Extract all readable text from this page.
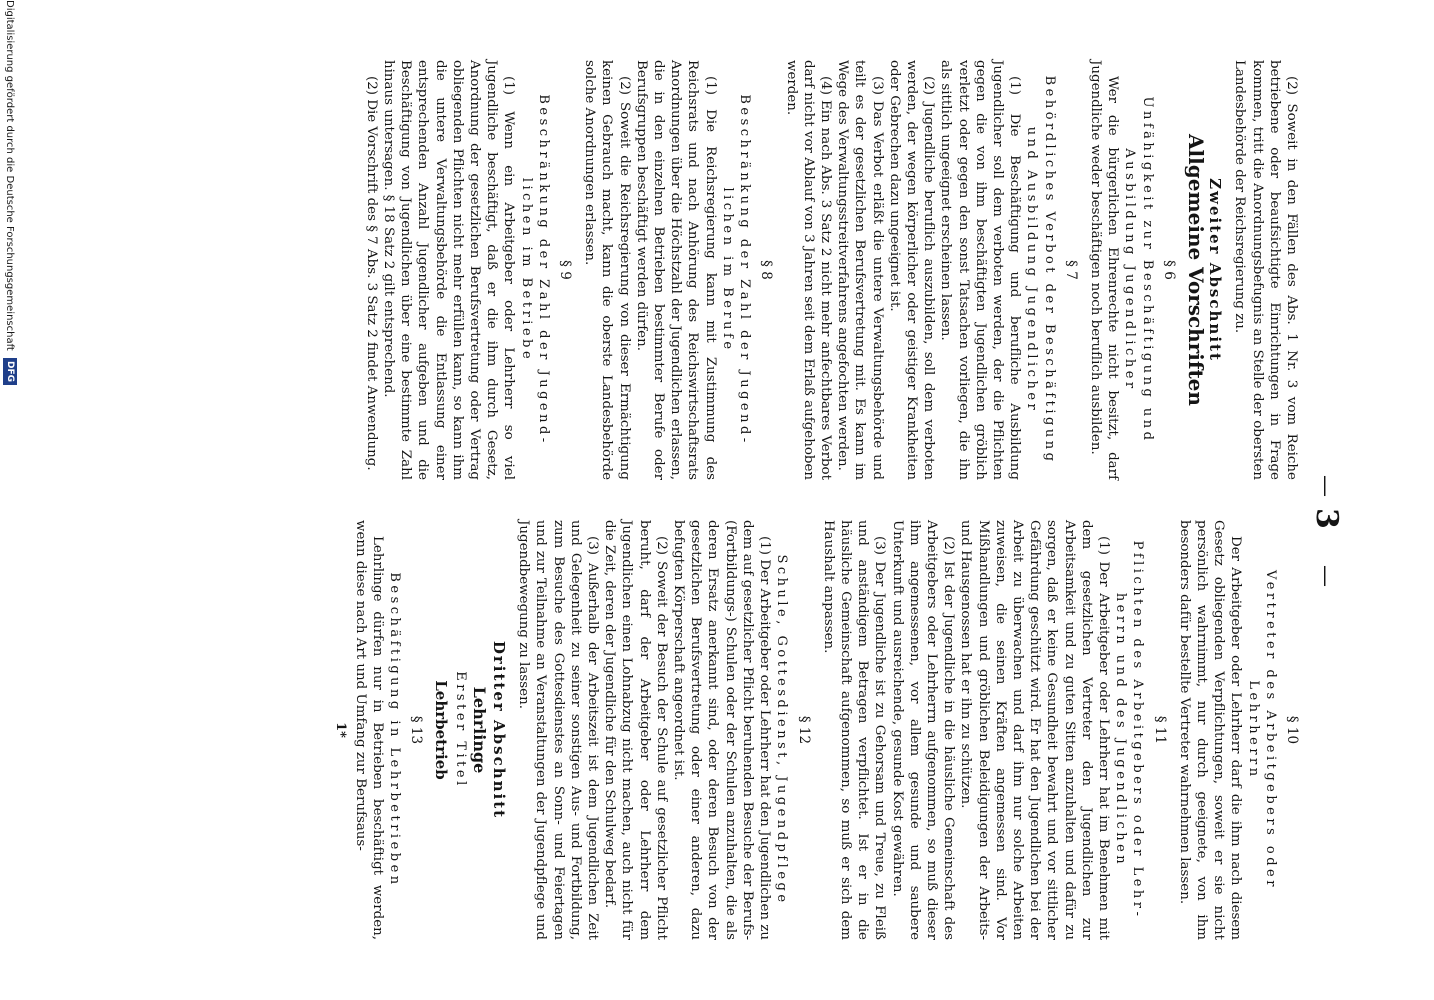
—
3
—

(2) Soweit in den Fällen des Abs. 1 Nr. 3 vom Reiche betriebene oder beaufsichtigte Einrichtungen in Frage kommen, tritt die Anordnungsbefugnis an Stelle der obersten Landesbehörde der Reichsregierung zu.

Zweiter Abschnitt
Allgemeine Vorschriften
§ 6

Unfähigkeit zur Beschäftigung und

Ausbildung Jugendlicher

Wer die bürgerlichen Ehrenrechte nicht besitzt, darf Jugendliche weder beschäftigen noch beruflich ausbilden.

§ 7

Behördliches Verbot der Beschäftigung

und Ausbildung Jugendlicher

(1) Die Beschäftigung und berufliche Ausbildung Jugendlicher soll dem verboten werden, der die Pflichten gegen die von ihm beschäftigten Jugendlichen gröblich verletzt oder gegen den sonst Tatsachen vorliegen, die ihn als sittlich ungeeignet erscheinen lassen.

(2) Jugendliche beruflich auszubilden, soll dem verboten werden, der wegen körperlicher oder geistiger Krankheiten oder Gebrechen dazu ungeeignet ist.

(3) Das Verbot erläßt die untere Verwaltungsbehörde und teilt es der gesetzlichen Berufsvertretung mit. Es kann im Wege des Verwaltungsstreitverfahrens angefochten werden.

(4) Ein nach Abs. 3 Satz 2 nicht mehr anfechtbares Verbot darf nicht vor Ablauf von 3 Jahren seit dem Erlaß aufgehoben werden.

§ 8

Beschränkung der Zahl der Jugend-

lichen im Berufe

(1) Die Reichsregierung kann mit Zustimmung des Reichsrats und nach Anhörung des Reichswirtschaftsrats Anordnungen über die Höchstzahl der Jugendlichen erlassen, die in den einzelnen Betrieben bestimmter Berufe oder Berufsgruppen beschäftigt werden dürfen.

(2) Soweit die Reichsregierung von dieser Ermächtigung keinen Gebrauch macht, kann die oberste Landesbehörde solche Anordnungen erlassen.

§ 9

Beschränkung der Zahl der Jugend-

lichen im Betriebe

(1) Wenn ein Arbeitgeber oder Lehrherr so viel Jugendliche beschäftigt, daß er die ihm durch Gesetz, Anordnung der gesetzlichen Berufsvertretung oder Vertrag obliegenden Pflichten nicht mehr erfüllen kann, so kann ihm die untere Verwaltungsbehörde die Entlassung einer entsprechenden Anzahl Jugendlicher aufgeben und die Beschäftigung von Jugendlichen über eine bestimmte Zahl hinaus untersagen. § 18 Satz 2 gilt entsprechend.

(2) Die Vorschrift des § 7 Abs. 3 Satz 2 findet Anwendung.

§ 10

Vertreter des Arbeitgebers oder

Lehrherrn

Der Arbeitgeber oder Lehrherr darf die ihm nach diesem Gesetz obliegenden Verpflichtungen, soweit er sie nicht persönlich wahrnimmt, nur durch geeignete, von ihm besonders dafür bestellte Vertreter wahrnehmen lassen.

§ 11

Pflichten des Arbeitgebers oder Lehr-

herrn und des Jugendlichen

(1) Der Arbeitgeber oder Lehrherr hat im Benehmen mit dem gesetzlichen Vertreter den Jugendlichen zur Arbeitsamkeit und zu guten Sitten anzuhalten und dafür zu sorgen, daß er keine Gesundheit bewahrt und vor sittlicher Gefährdung geschützt wird. Er hat den Jugendlichen bei der Arbeit zu überwachen und darf ihm nur solche Arbeiten zuweisen, die seinen Kräften angemessen sind. Vor Mißhandlungen und gröblichen Beleidigungen der Arbeits- und Hausgenossen hat er ihn zu schützen.

(2) Ist der Jugendliche in die häusliche Gemeinschaft des Arbeitgebers oder Lehrherrn aufgenommen, so muß dieser ihm angemessenen, vor allem gesunde und saubere Unterkunft und ausreichende, gesunde Kost gewähren.

(3) Der Jugendliche ist zu Gehorsam und Treue, zu Fleiß und anständigem Betragen verpflichtet. Ist er in die häusliche Gemeinschaft aufgenommen, so muß er sich dem Haushalt anpassen.

§ 12

Schule, Gottesdienst, Jugendpflege

(1) Der Arbeitgeber oder Lehrherr hat den Jugendlichen zu dem auf gesetzlicher Pflicht beruhenden Besuche der Berufs- (Fortbildungs-) Schulen oder der Schulen anzuhalten, die als deren Ersatz anerkannt sind, oder deren Besuch von der gesetzlichen Berufsvertretung oder einer anderen, dazu befugten Körperschaft angeordnet ist.

(2) Soweit der Besuch der Schule auf gesetzlicher Pflicht beruht, darf der Arbeitgeber oder Lehrherr dem Jugendlichen einen Lohnabzug nicht machen, auch nicht für die Zeit, deren der Jugendliche für den Schulweg bedarf.

(3) Außerhalb der Arbeitszeit ist dem Jugendlichen Zeit und Gelegenheit zu seiner sonstigen Aus- und Fortbildung, zum Besuche des Gottesdienstes an Sonn- und Feiertagen und zur Teilnahme an Veranstaltungen der Jugendpflege und Jugendbewegung zu lassen.

Dritter Abschnitt
Lehrlinge

Erster Titel

Lehrbetrieb
§ 13

Beschäftigung in Lehrbetrieben

Lehrlinge dürfen nur in Betrieben beschäftigt werden, wenn diese nach Art und Umfang zur Berufsaus-

1*
Digitalisierung gefördert durch die Deutsche Forschungsgemeinschaft DFG
